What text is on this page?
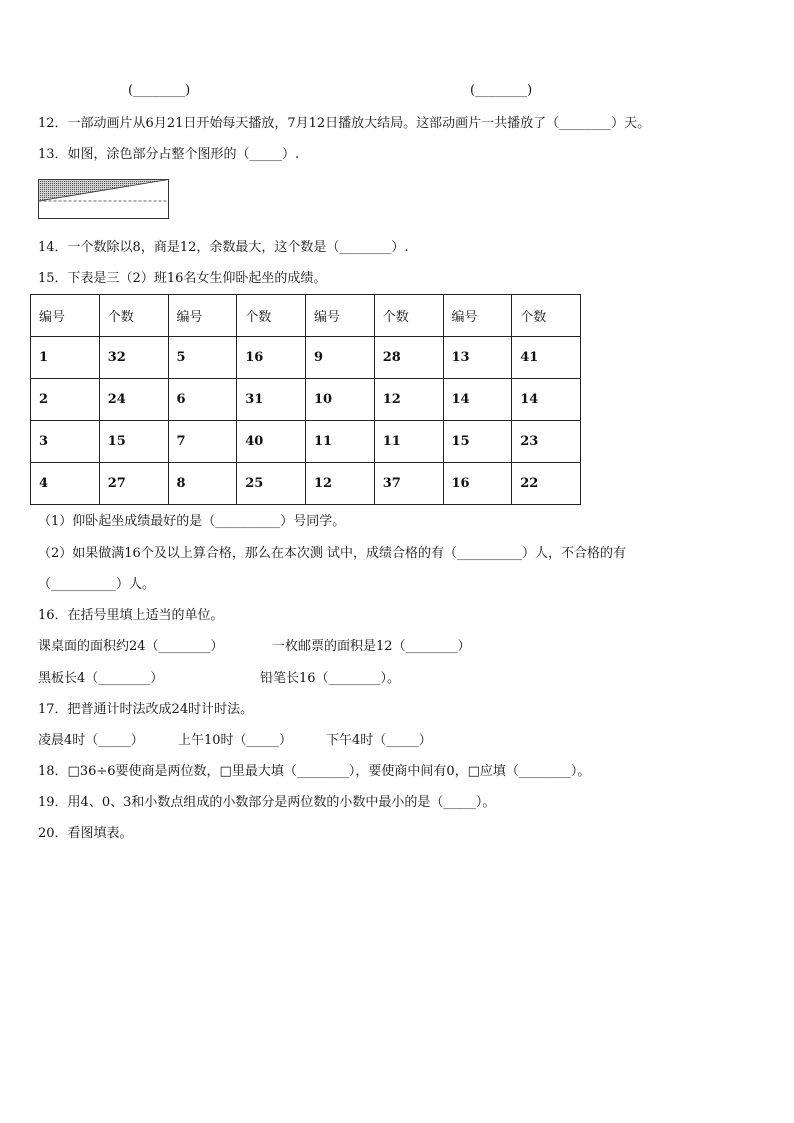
(________)	(________)
12．一部动画片从6月21日开始每天播放，7月12日播放大结局。这部动画片一共播放了（________）天。
13．如图，涂色部分占整个图形的（_____）.
14．一个数除以8，商是12，余数最大，这个数是（________）.
15．下表是三（2）班16名女生仰卧起坐的成绩。
编号	个数	编号	个数	编号	个数	编号	个数
1	32	5	16	9	28	13	41
2	24	6	31	10	12	14	14
3	15	7	40	11	11	15	23
4	27	8	25	12	37	16	22
（1）仰卧起坐成绩最好的是（__________）号同学。
（2）如果做满16个及以上算合格，那么在本次测 试中，成绩合格的有（__________）人，不合格的有
（__________）人。
16．在括号里填上适当的单位。
课桌面的面积约24（________）	一枚邮票的面积是12（________）
黑板长4（________）	铅笔长16（________）。
17．把普通计时法改成24时计时法。
凌晨4时（_____）	上午10时（_____）	下午4时（_____）
18．□36÷6要使商是两位数，□里最大填（________），要使商中间有0，□应填（________）。
19．用4、0、3和小数点组成的小数部分是两位数的小数中最小的是（_____）。
20．看图填表。
